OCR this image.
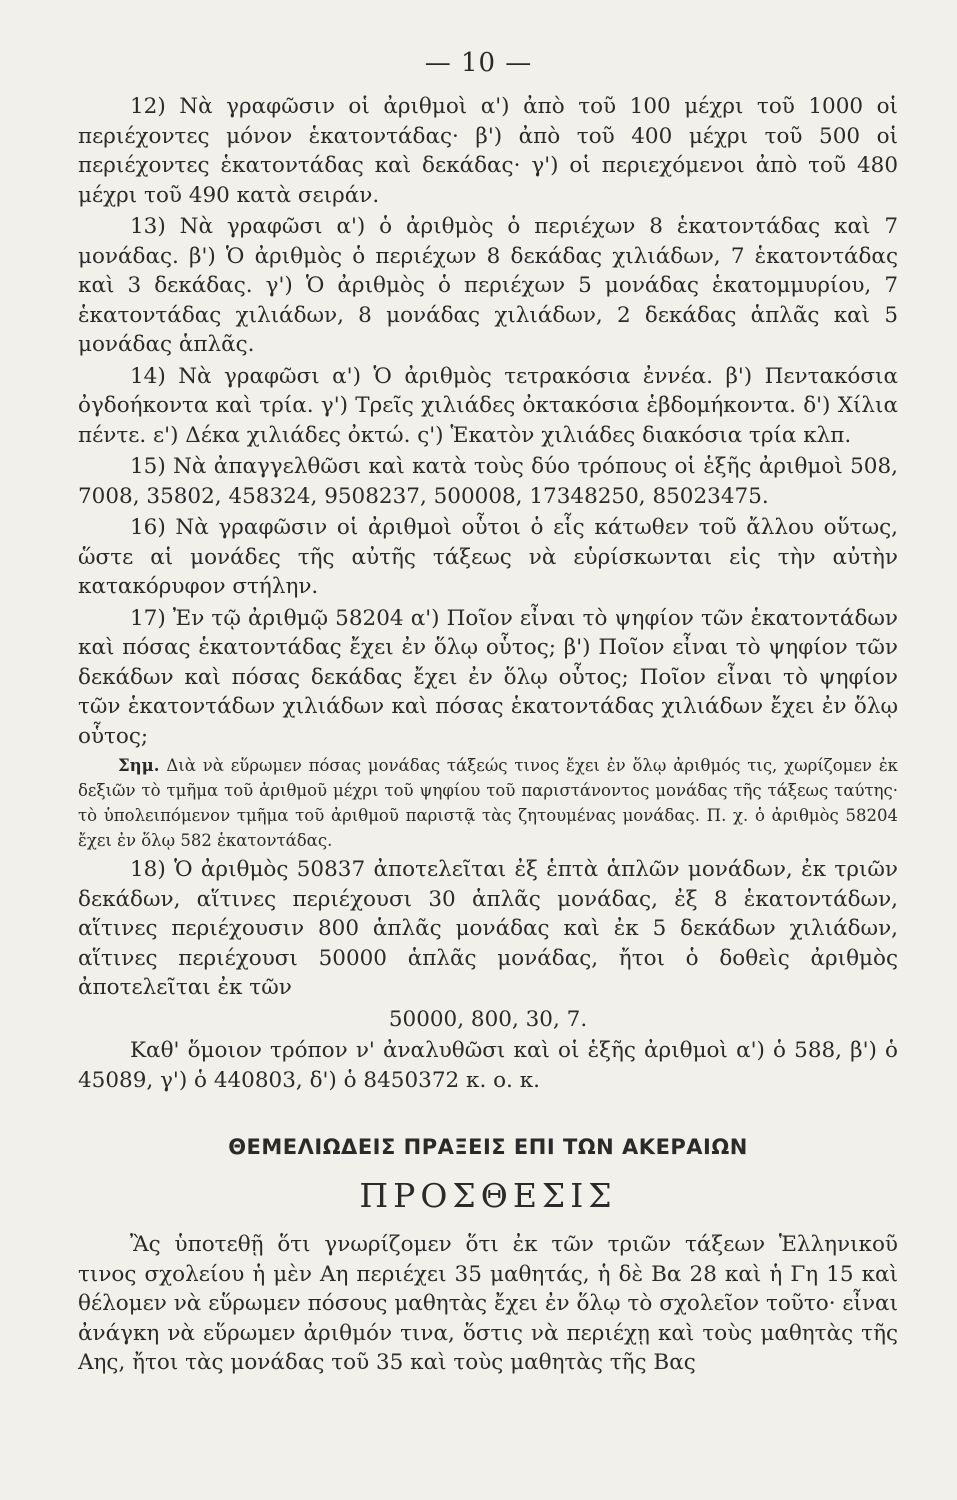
— 10 —

12) Νὰ γραφῶσιν οἱ ἀριθμοὶ α') ἀπὸ τοῦ 100 μέχρι τοῦ 1000 οἱ περιέχοντες μόνον ἑκατοντάδας· β') ἀπὸ τοῦ 400 μέχρι τοῦ 500 οἱ περιέχοντες ἑκατοντάδας καὶ δεκάδας· γ') οἱ περιεχόμενοι ἀπὸ τοῦ 480 μέχρι τοῦ 490 κατὰ σειράν.

13) Νὰ γραφῶσι α') ὁ ἀριθμὸς ὁ περιέχων 8 ἑκατοντάδας καὶ 7 μονάδας. β') Ὁ ἀριθμὸς ὁ περιέχων 8 δεκάδας χιλιάδων, 7 ἑκατοντάδας καὶ 3 δεκάδας. γ') Ὁ ἀριθμὸς ὁ περιέχων 5 μονάδας ἑκατομμυρίου, 7 ἑκατοντάδας χιλιάδων, 8 μονάδας χιλιάδων, 2 δεκάδας ἁπλᾶς καὶ 5 μονάδας ἁπλᾶς.

14) Νὰ γραφῶσι α') Ὁ ἀριθμὸς τετρακόσια ἐννέα. β') Πεντακόσια ὀγδοήκοντα καὶ τρία. γ') Τρεῖς χιλιάδες ὀκτακόσια ἑβδομήκοντα. δ') Χίλια πέντε. ε') Δέκα χιλιάδες ὀκτώ. ς') Ἑκατὸν χιλιάδες διακόσια τρία κλπ.

15) Νὰ ἀπαγγελθῶσι καὶ κατὰ τοὺς δύο τρόπους οἱ ἑξῆς ἀριθμοὶ 508, 7008, 35802, 458324, 9508237, 500008, 17348250, 85023475.

16) Νὰ γραφῶσιν οἱ ἀριθμοὶ οὗτοι ὁ εἷς κάτωθεν τοῦ ἄλλου οὕτως, ὥστε αἱ μονάδες τῆς αὐτῆς τάξεως νὰ εὑρίσκωνται εἰς τὴν αὐτὴν κατακόρυφον στήλην.

17) Ἐν τῷ ἀριθμῷ 58204 α') Ποῖον εἶναι τὸ ψηφίον τῶν ἑκατοντάδων καὶ πόσας ἑκατοντάδας ἔχει ἐν ὅλῳ οὗτος; β') Ποῖον εἶναι τὸ ψηφίον τῶν δεκάδων καὶ πόσας δεκάδας ἔχει ἐν ὅλῳ οὗτος; Ποῖον εἶναι τὸ ψηφίον τῶν ἑκατοντάδων χιλιάδων καὶ πόσας ἑκατοντάδας χιλιάδων ἔχει ἐν ὅλῳ οὗτος;

Σημ. Διὰ νὰ εὕρωμεν πόσας μονάδας τάξεώς τινος ἔχει ἐν ὅλῳ ἀριθμός τις, χωρίζομεν ἐκ δεξιῶν τὸ τμῆμα τοῦ ἀριθμοῦ μέχρι τοῦ ψηφίου τοῦ παριστάνοντος μονάδας τῆς τάξεως ταύτης· τὸ ὑπολειπόμενον τμῆμα τοῦ ἀριθμοῦ παριστᾷ τὰς ζητουμένας μονάδας. Π. χ. ὁ ἀριθμὸς 58204 ἔχει ἐν ὅλῳ 582 ἑκατοντάδας.

18) Ὁ ἀριθμὸς 50837 ἀποτελεῖται ἐξ ἑπτὰ ἁπλῶν μονάδων, ἐκ τριῶν δεκάδων, αἵτινες περιέχουσι 30 ἁπλᾶς μονάδας, ἐξ 8 ἑκατοντάδων, αἵτινες περιέχουσιν 800 ἁπλᾶς μονάδας καὶ ἐκ 5 δεκάδων χιλιάδων, αἵτινες περιέχουσι 50000 ἁπλᾶς μονάδας, ἤτοι ὁ δοθεὶς ἀριθμὸς ἀποτελεῖται ἐκ τῶν

50000, 800, 30, 7.

Καθ' ὅμοιον τρόπον ν' ἀναλυθῶσι καὶ οἱ ἑξῆς ἀριθμοὶ α') ὁ 588, β') ὁ 45089, γ') ὁ 440803, δ') ὁ 8450372 κ. ο. κ.

ΘΕΜΕΛΙΩΔΕΙΣ ΠΡΑΞΕΙΣ ΕΠΙ ΤΩΝ ΑΚΕΡΑΙΩΝ
ΠΡΟΣΘΕΣΙΣ

Ἂς ὑποτεθῇ ὅτι γνωρίζομεν ὅτι ἐκ τῶν τριῶν τάξεων Ἑλληνικοῦ τινος σχολείου ἡ μὲν Αη περιέχει 35 μαθητάς, ἡ δὲ Βα 28 καὶ ἡ Γη 15 καὶ θέλομεν νὰ εὕρωμεν πόσους μαθητὰς ἔχει ἐν ὅλῳ τὸ σχολεῖον τοῦτο· εἶναι ἀνάγκη νὰ εὕρωμεν ἀριθμόν τινα, ὅστις νὰ περιέχῃ καὶ τοὺς μαθητὰς τῆς Αης, ἤτοι τὰς μονάδας τοῦ 35 καὶ τοὺς μαθητὰς τῆς Βας
